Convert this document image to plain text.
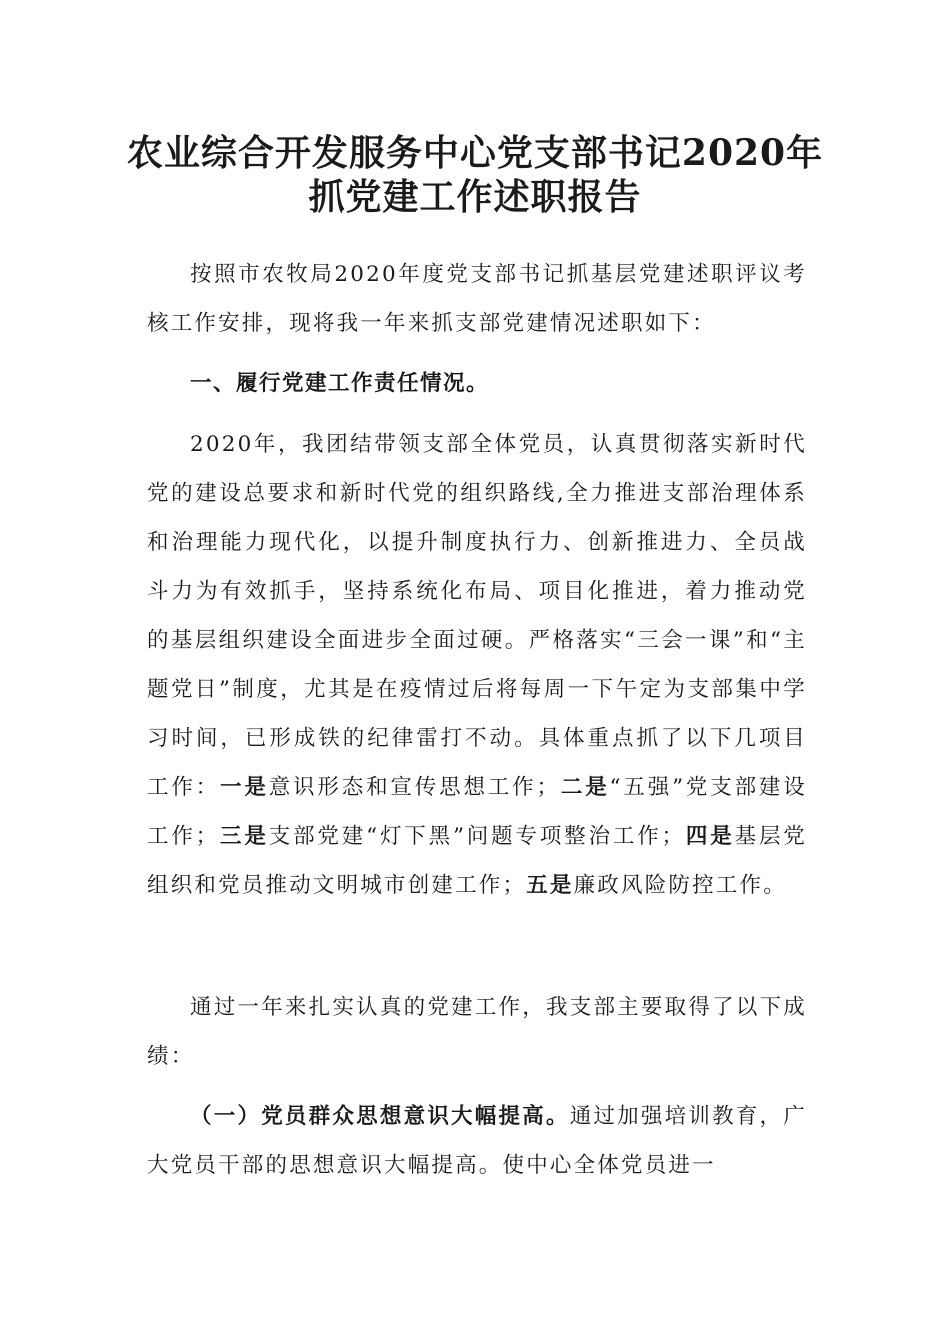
农业综合开发服务中心党支部书记2020年
抓党建工作述职报告

按照市农牧局2020年度党支部书记抓基层党建述职评议考核工作安排，现将我一年来抓支部党建情况述职如下：

一、履行党建工作责任情况。

2020年，我团结带领支部全体党员，认真贯彻落实新时代党的建设总要求和新时代党的组织路线,全力推进支部治理体系和治理能力现代化，以提升制度执行力、创新推进力、全员战斗力为有效抓手，坚持系统化布局、项目化推进，着力推动党的基层组织建设全面进步全面过硬。严格落实“三会一课”和“主题党日”制度，尤其是在疫情过后将每周一下午定为支部集中学习时间，已形成铁的纪律雷打不动。具体重点抓了以下几项目工作：一是意识形态和宣传思想工作；二是“五强”党支部建设工作；三是支部党建“灯下黑”问题专项整治工作；四是基层党组织和党员推动文明城市创建工作；五是廉政风险防控工作。

通过一年来扎实认真的党建工作，我支部主要取得了以下成绩：

（一）党员群众思想意识大幅提高。通过加强培训教育，广大党员干部的思想意识大幅提高。使中心全体党员进一
